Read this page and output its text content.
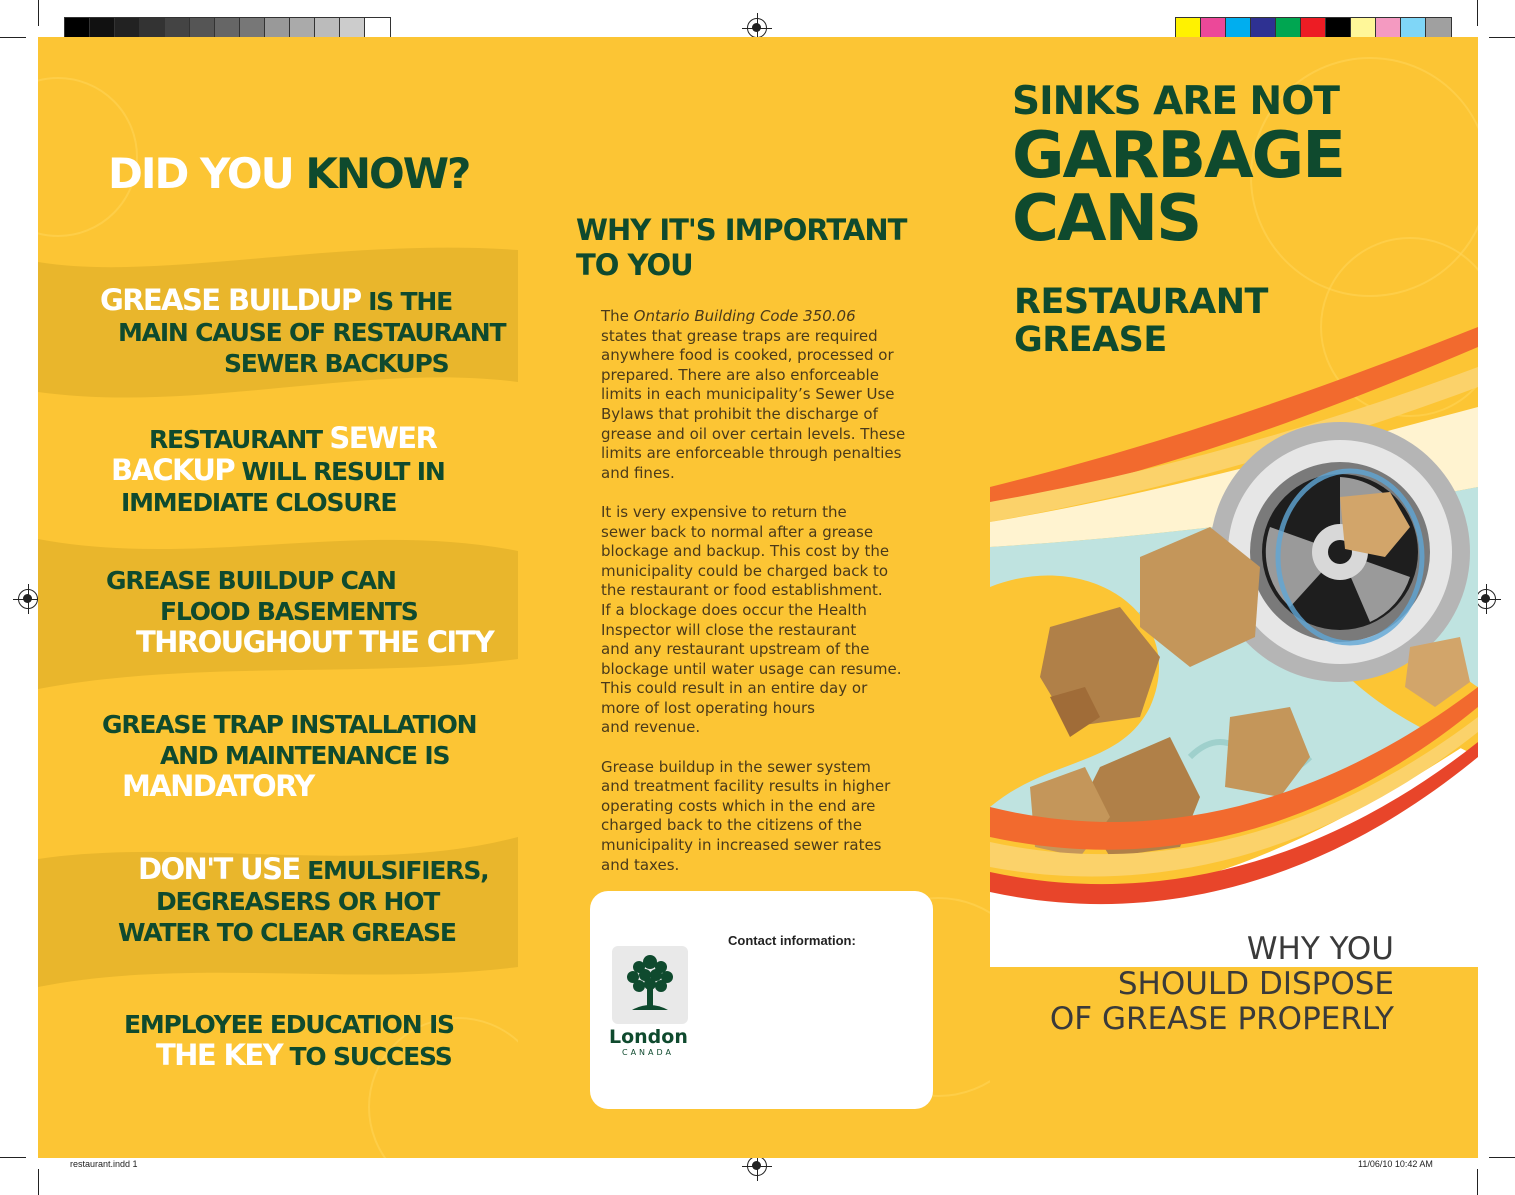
restaurant.indd 1	11/06/10 10:42 AM
DID YOU KNOW?
GREASE BUILDUP IS THE
MAIN CAUSE OF RESTAURANT
SEWER BACKUPS
RESTAURANT SEWER
BACKUP WILL RESULT IN
IMMEDIATE CLOSURE
GREASE BUILDUP CAN
FLOOD BASEMENTS
THROUGHOUT THE CITY
GREASE TRAP INSTALLATION
AND MAINTENANCE IS
MANDATORY
DON'T USE EMULSIFIERS,
DEGREASERS OR HOT
WATER TO CLEAR GREASE
EMPLOYEE EDUCATION IS
THE KEY TO SUCCESS
WHY IT'S IMPORTANT
TO YOU

The Ontario Building Code 350.06
states that grease traps are required
anywhere food is cooked, processed or
prepared. There are also enforceable
limits in each municipality’s Sewer Use
Bylaws that prohibit the discharge of
grease and oil over certain levels. These
limits are enforceable through penalties
and fines.

It is very expensive to return the
sewer back to normal after a grease
blockage and backup. This cost by the
municipality could be charged back to
the restaurant or food establishment.
If a blockage does occur the Health
Inspector will close the restaurant
and any restaurant upstream of the
blockage until water usage can resume.
This could result in an entire day or
more of lost operating hours
and revenue.

Grease buildup in the sewer system
and treatment facility results in higher
operating costs which in the end are
charged back to the citizens of the
municipality in increased sewer rates
and taxes.

Contact information:
London
CANADA
SINKS ARE NOT
GARBAGE
CANS
RESTAURANT
GREASE
WHY YOU
SHOULD DISPOSE
OF GREASE PROPERLY
